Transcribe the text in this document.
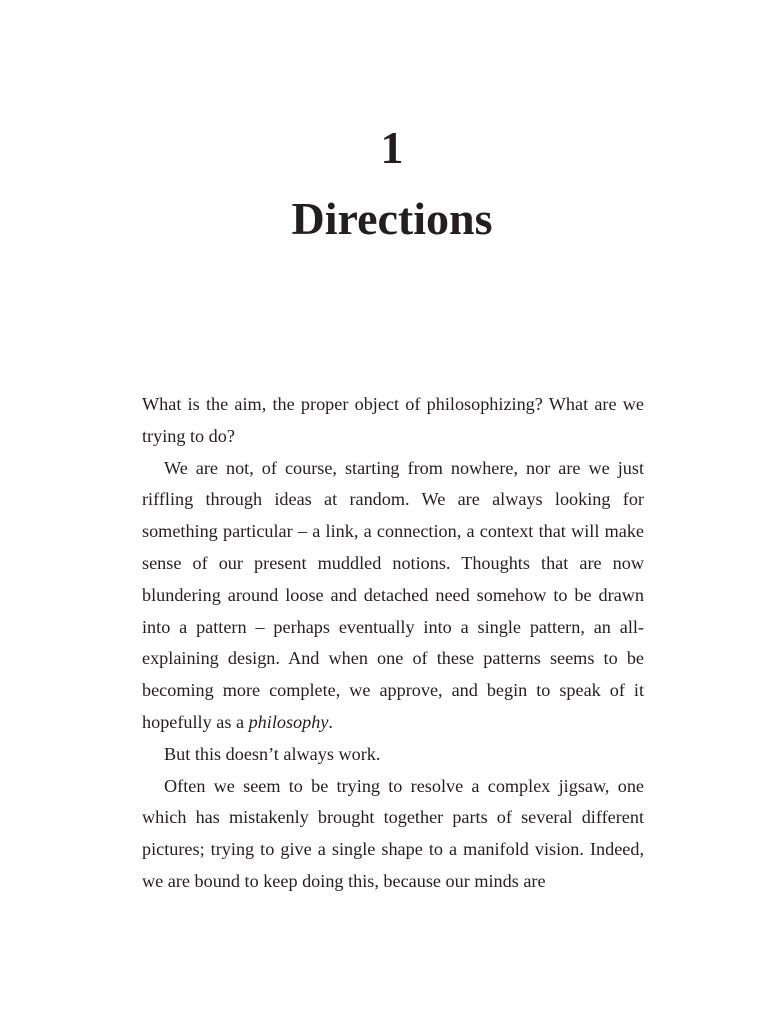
1
Directions

What is the aim, the proper object of philosophizing? What are we trying to do?

We are not, of course, starting from nowhere, nor are we just riffling through ideas at random. We are always looking for something particular – a link, a connection, a context that will make sense of our present muddled notions. Thoughts that are now blundering around loose and detached need somehow to be drawn into a pattern – perhaps eventually into a single pattern, an all-explaining design. And when one of these patterns seems to be becoming more complete, we approve, and begin to speak of it hopefully as a philosophy.

But this doesn’t always work.

Often we seem to be trying to resolve a complex jigsaw, one which has mistakenly brought together parts of several different pictures; trying to give a single shape to a manifold vision. Indeed, we are bound to keep doing this, because our minds are
